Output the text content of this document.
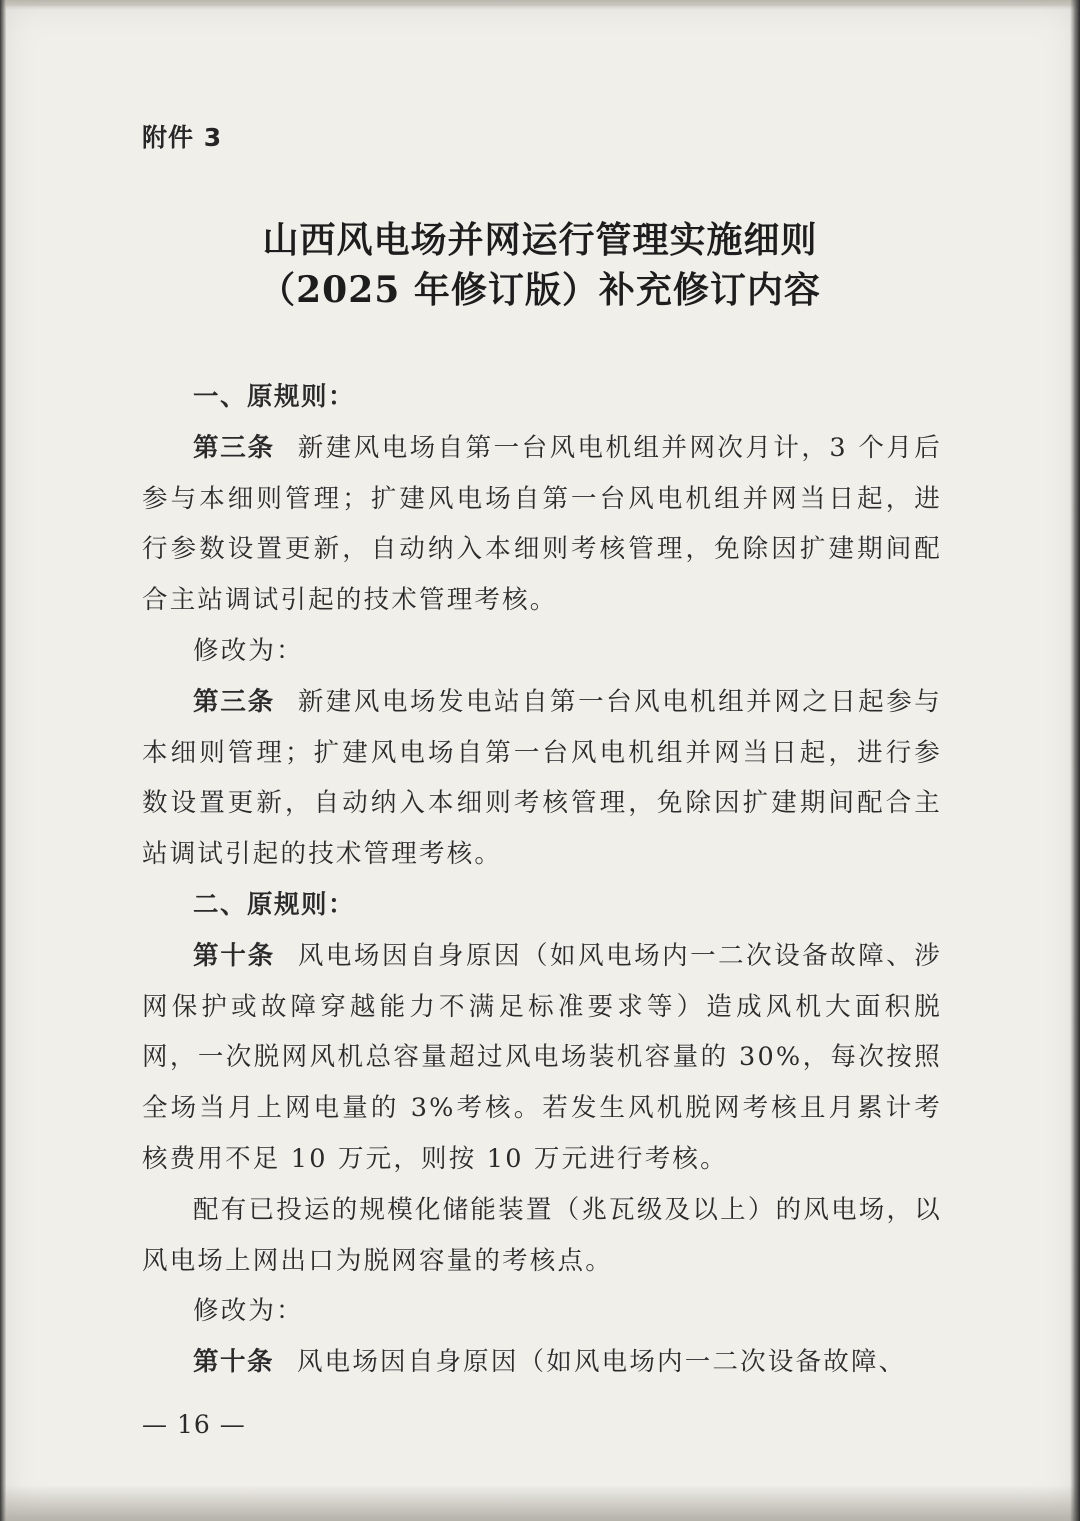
附件 3
山西风电场并网运行管理实施细则
（2025 年修订版）补充修订内容

一、原规则：

第三条 新建风电场自第一台风电机组并网次月计，3 个月后参与本细则管理；扩建风电场自第一台风电机组并网当日起，进行参数设置更新，自动纳入本细则考核管理，免除因扩建期间配合主站调试引起的技术管理考核。

修改为：

第三条 新建风电场发电站自第一台风电机组并网之日起参与本细则管理；扩建风电场自第一台风电机组并网当日起，进行参数设置更新，自动纳入本细则考核管理，免除因扩建期间配合主站调试引起的技术管理考核。

二、原规则：

第十条 风电场因自身原因（如风电场内一二次设备故障、涉网保护或故障穿越能力不满足标准要求等）造成风机大面积脱网，一次脱网风机总容量超过风电场装机容量的 30%，每次按照全场当月上网电量的 3%考核。若发生风机脱网考核且月累计考核费用不足 10 万元，则按 10 万元进行考核。

配有已投运的规模化储能装置（兆瓦级及以上）的风电场，以风电场上网出口为脱网容量的考核点。

修改为：

第十条 风电场因自身原因（如风电场内一二次设备故障、

— 16 —
